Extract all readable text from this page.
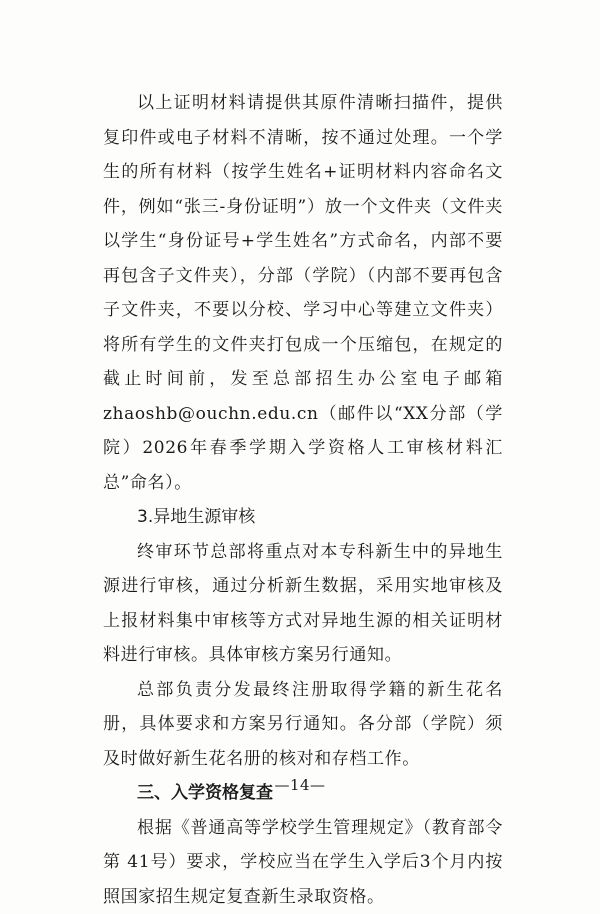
以上证明材料请提供其原件清晰扫描件，提供复印件或电子材料不清晰，按不通过处理。一个学生的所有材料（按学生姓名+证明材料内容命名文件，例如“张三-身份证明”）放一个文件夹（文件夹以学生“身份证号+学生姓名”方式命名，内部不要再包含子文件夹），分部（学院）（内部不要再包含子文件夹，不要以分校、学习中心等建立文件夹）将所有学生的文件夹打包成一个压缩包，在规定的截止时间前，发至总部招生办公室电子邮箱 zhaoshb@ouchn.edu.cn（邮件以“XX分部（学院）2026年春季学期入学资格人工审核材料汇总”命名）。

3.异地生源审核

终审环节总部将重点对本专科新生中的异地生源进行审核，通过分析新生数据，采用实地审核及上报材料集中审核等方式对异地生源的相关证明材料进行审核。具体审核方案另行通知。

总部负责分发最终注册取得学籍的新生花名册，具体要求和方案另行通知。各分部（学院）须及时做好新生花名册的核对和存档工作。

三、入学资格复查

根据《普通高等学校学生管理规定》（教育部令第 41号）要求，学校应当在学生入学后3个月内按照国家招生规定复查新生录取资格。

—14—
